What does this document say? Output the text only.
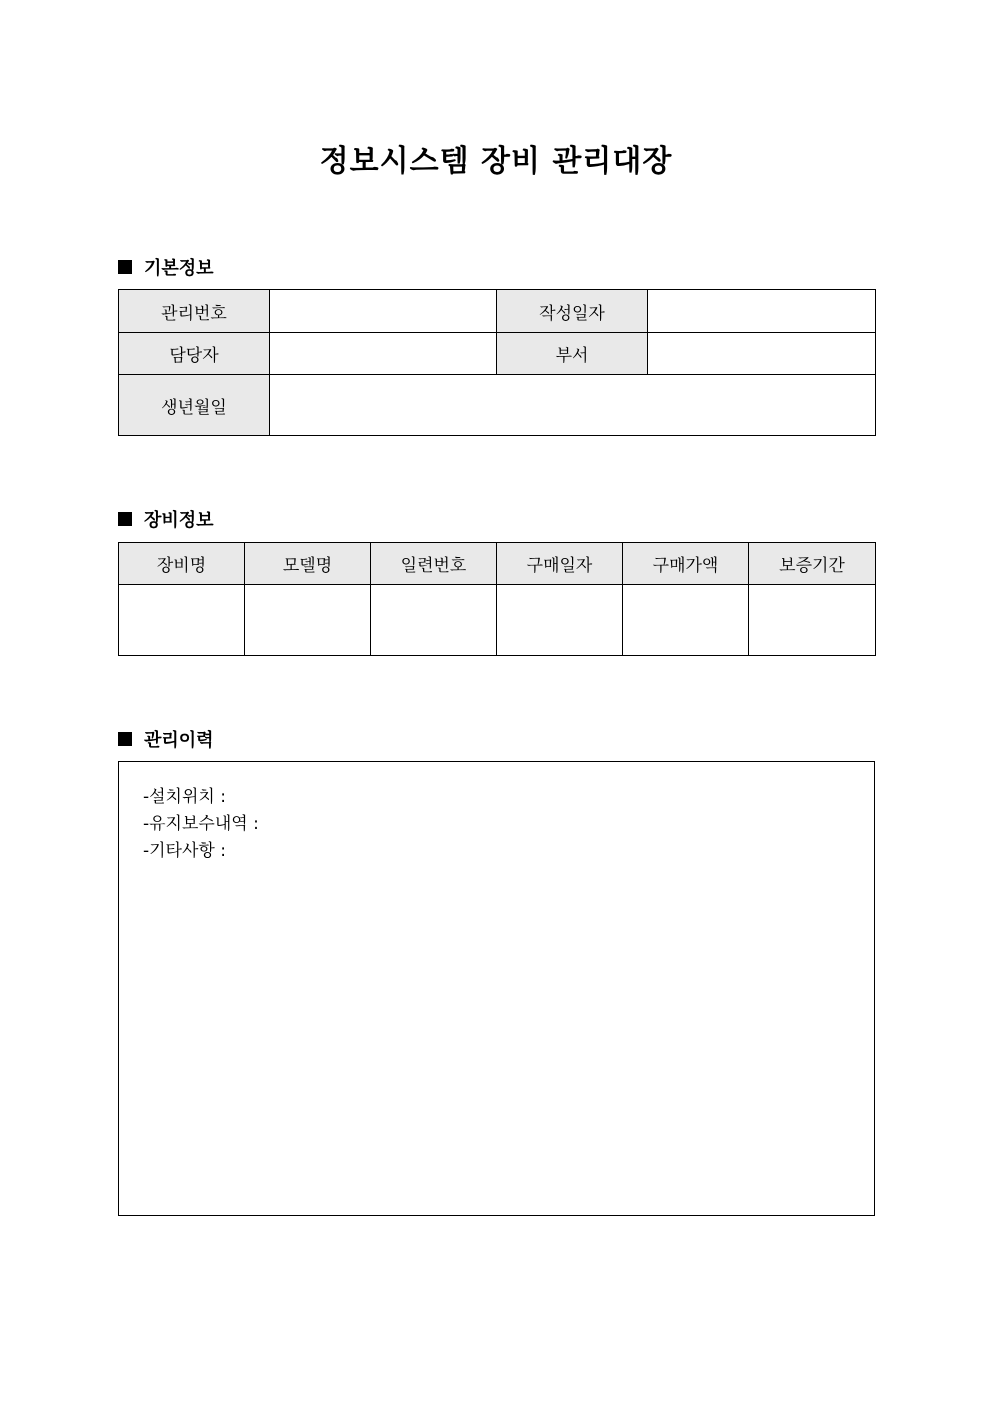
정보시스템 장비 관리대장
기본정보
관리번호		작성일자	
담당자		부서	
생년월일			
장비정보
장비명	모델명	일련번호	구매일자	구매가액	보증기간

관리이력
-설치위치 :
-유지보수내역 :
-기타사항 :
